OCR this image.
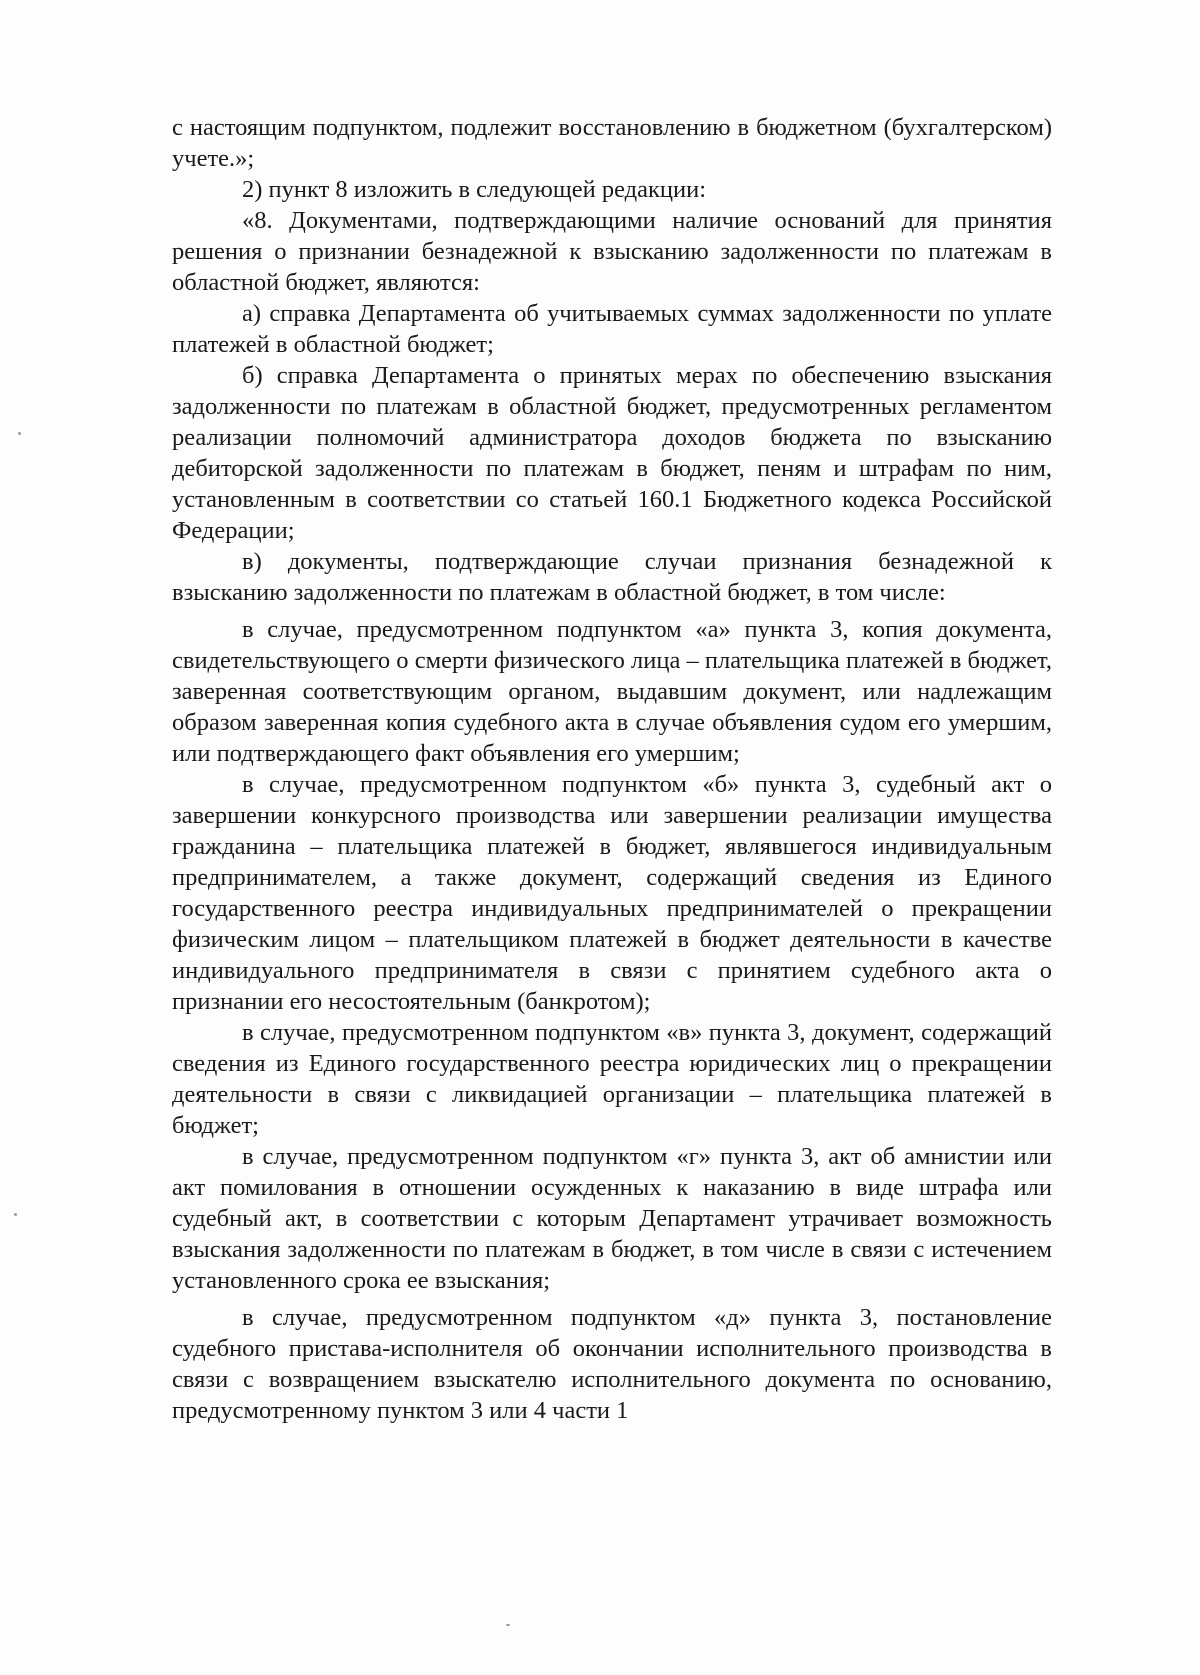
с настоящим подпунктом, подлежит восстановлению в бюджетном (бухгалтерском) учете.»;

2) пункт 8 изложить в следующей редакции:

«8. Документами, подтверждающими наличие оснований для принятия решения о признании безнадежной к взысканию задолженности по платежам в областной бюджет, являются:

а) справка Департамента об учитываемых суммах задолженности по уплате платежей в областной бюджет;

б) справка Департамента о принятых мерах по обеспечению взыскания задолженности по платежам в областной бюджет, предусмотренных регламентом реализации полномочий администратора доходов бюджета по взысканию дебиторской задолженности по платежам в бюджет, пеням и штрафам по ним, установленным в соответствии со статьей 160.1 Бюджетного кодекса Российской Федерации;

в) документы, подтверждающие случаи признания безнадежной к взысканию задолженности по платежам в областной бюджет, в том числе:

в случае, предусмотренном подпунктом «а» пункта 3, копия документа, свидетельствующего о смерти физического лица – плательщика платежей в бюджет, заверенная соответствующим органом, выдавшим документ, или надлежащим образом заверенная копия судебного акта в случае объявления судом его умершим, или подтверждающего факт объявления его умершим;

в случае, предусмотренном подпунктом «б» пункта 3, судебный акт о завершении конкурсного производства или завершении реализации имущества гражданина – плательщика платежей в бюджет, являвшегося индивидуальным предпринимателем, а также документ, содержащий сведения из Единого государственного реестра индивидуальных предпринимателей о прекращении физическим лицом – плательщиком платежей в бюджет деятельности в качестве индивидуального предпринимателя в связи с принятием судебного акта о признании его несостоятельным (банкротом);

в случае, предусмотренном подпунктом «в» пункта 3, документ, содержащий сведения из Единого государственного реестра юридических лиц о прекращении деятельности в связи с ликвидацией организации – плательщика платежей в бюджет;

в случае, предусмотренном подпунктом «г» пункта 3, акт об амнистии или акт помилования в отношении осужденных к наказанию в виде штрафа или судебный акт, в соответствии с которым Департамент утрачивает возможность взыскания задолженности по платежам в бюджет, в том числе в связи с истечением установленного срока ее взыскания;

в случае, предусмотренном подпунктом «д» пункта 3, постановление судебного пристава-исполнителя об окончании исполнительного производства в связи с возвращением взыскателю исполнительного документа по основанию, предусмотренному пунктом 3 или 4 части 1
